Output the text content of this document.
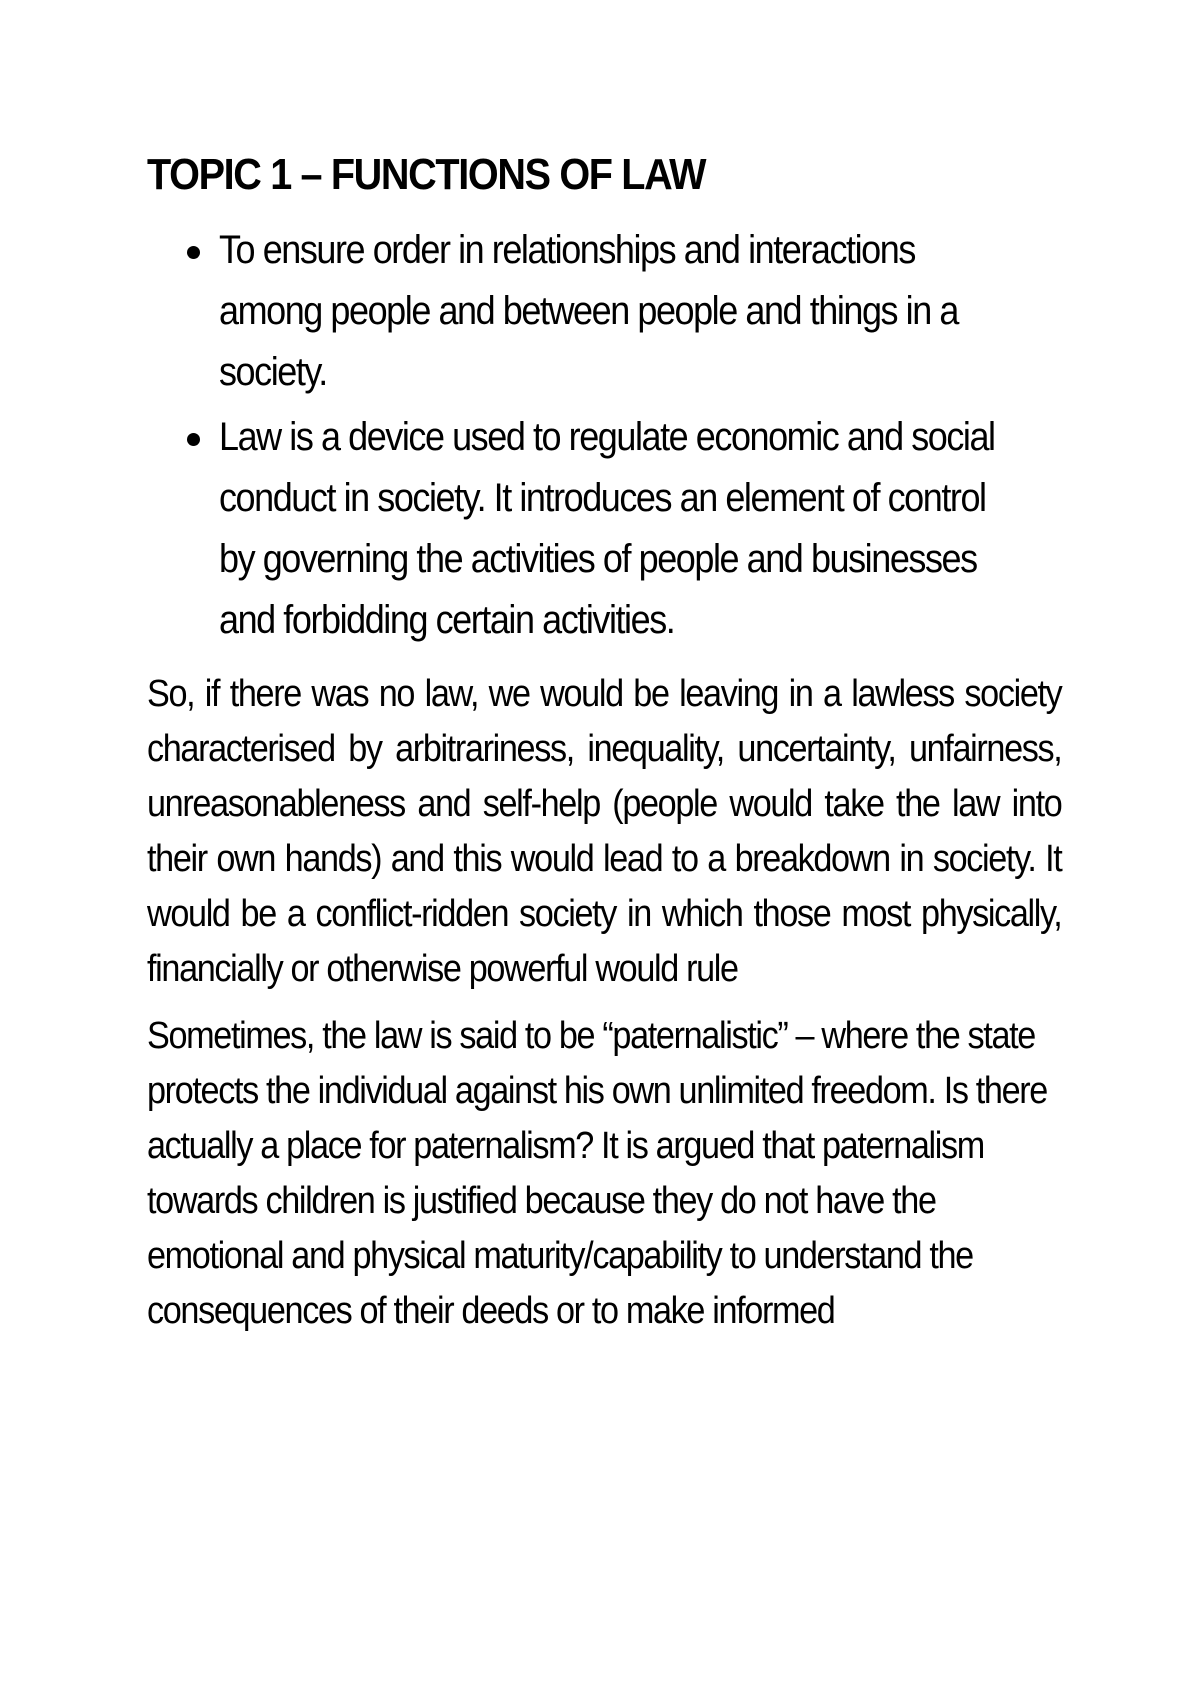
TOPIC 1 – FUNCTIONS OF LAW
To ensure order in relationships and interactions among people and between people and things in a society.
Law is a device used to regulate economic and social conduct in society. It introduces an element of control by governing the activities of people and businesses and forbidding certain activities.

So, if there was no law, we would be leaving in a lawless society characterised by arbitrariness, inequality, uncertainty, unfairness, unreasonableness and self-help (people would take the law into their own hands) and this would lead to a breakdown in society. It would be a conflict-ridden society in which those most physically, financially or otherwise powerful would rule

Sometimes, the law is said to be “paternalistic” – where the state protects the individual against his own unlimited freedom. Is there actually a place for paternalism? It is argued that paternalism towards children is justified because they do not have the emotional and physical maturity/capability to understand the consequences of their deeds or to make informed
